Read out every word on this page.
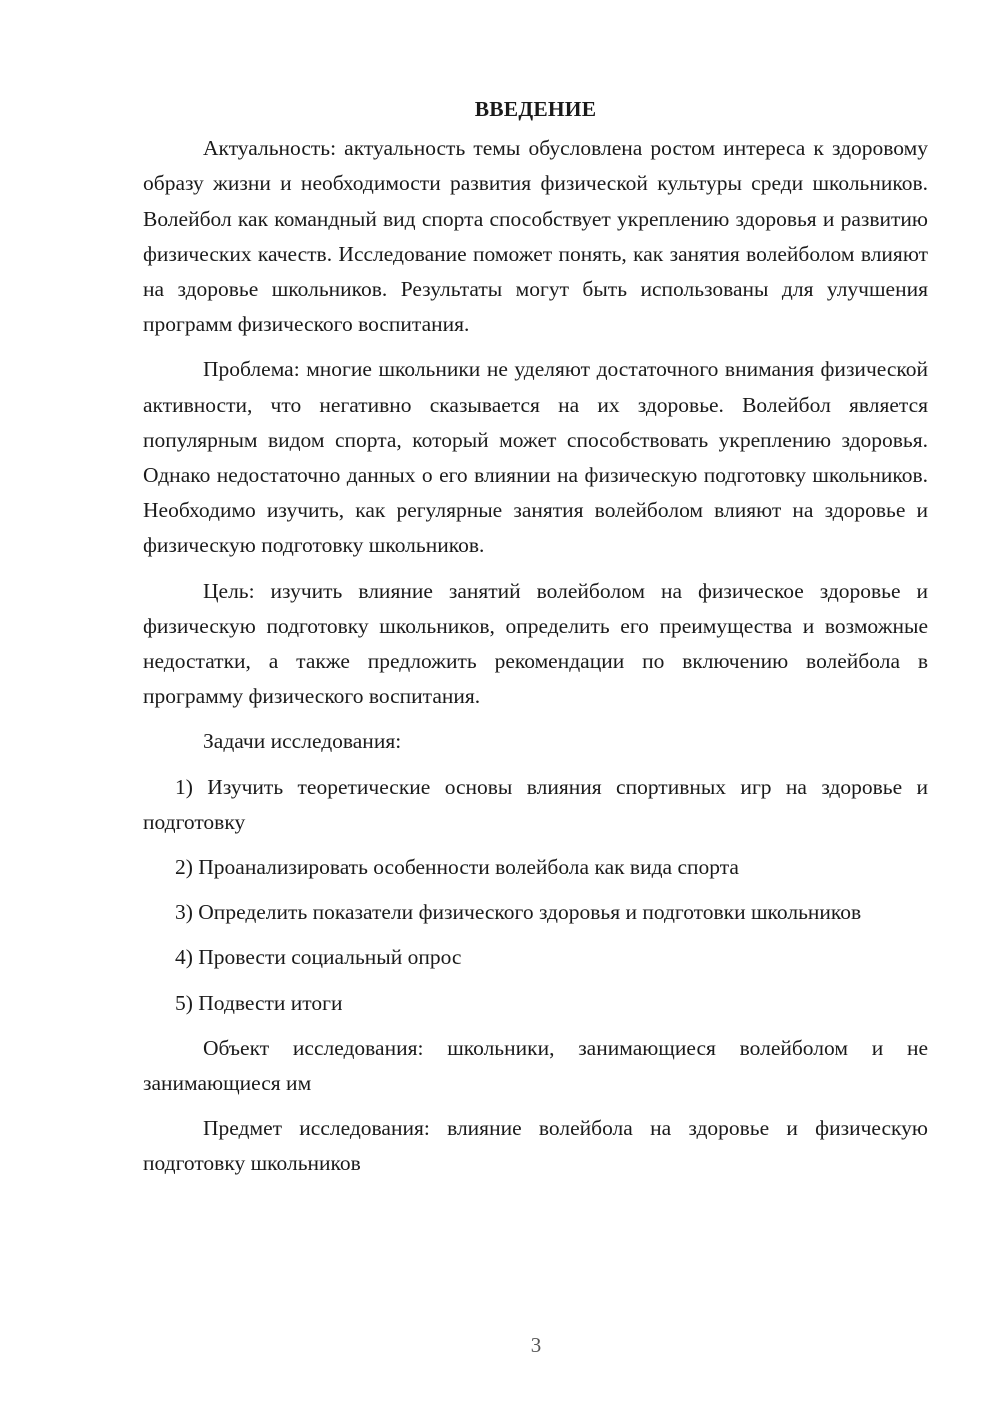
ВВЕДЕНИЕ

Актуальность: актуальность темы обусловлена ростом интереса к здоровому образу жизни и необходимости развития физической культуры среди школьников. Волейбол как командный вид спорта способствует укреплению здоровья и развитию физических качеств. Исследование поможет понять, как занятия волейболом влияют на здоровье школьников. Результаты могут быть использованы для улучшения программ физического воспитания.

Проблема: многие школьники не уделяют достаточного внимания физической активности, что негативно сказывается на их здоровье. Волейбол является популярным видом спорта, который может способствовать укреплению здоровья. Однако недостаточно данных о его влиянии на физическую подготовку школьников. Необходимо изучить, как регулярные занятия волейболом влияют на здоровье и физическую подготовку школьников.

Цель: изучить влияние занятий волейболом на физическое здоровье и физическую подготовку школьников, определить его преимущества и возможные недостатки, а также предложить рекомендации по включению волейбола в программу физического воспитания.

Задачи исследования:

1) Изучить теоретические основы влияния спортивных игр на здоровье и подготовку

2) Проанализировать особенности волейбола как вида спорта

3) Определить показатели физического здоровья и подготовки школьников

4) Провести социальный опрос

5) Подвести итоги

Объект исследования: школьники, занимающиеся волейболом и не занимающиеся им

Предмет исследования: влияние волейбола на здоровье и физическую подготовку школьников

3
